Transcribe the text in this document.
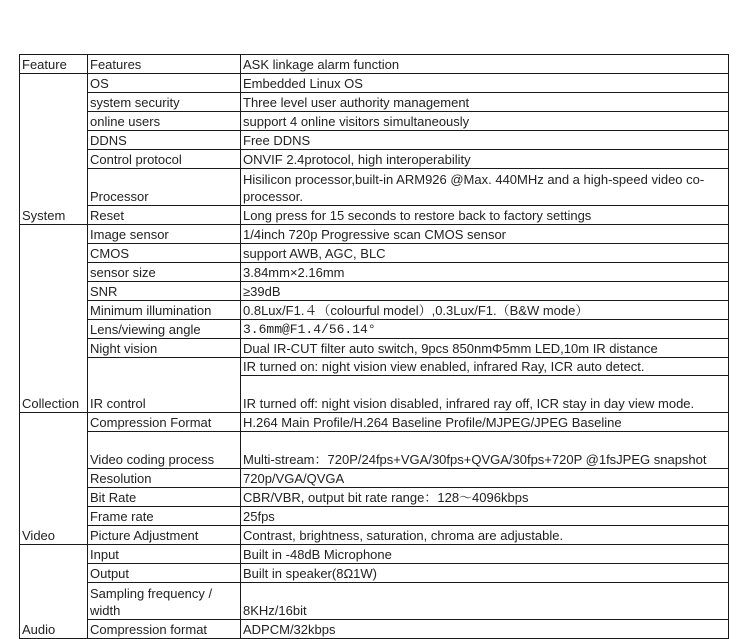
Feature	Features	ASK linkage alarm function
System	OS	Embedded Linux OS
	system security	Three level user authority management
	online users	support 4 online visitors simultaneously
	DDNS	Free DDNS
	Control protocol	ONVIF 2.4protocol, high interoperability
	Processor	Hisilicon processor,built-in ARM926 @Max. 440MHz and a high-speed video co-processor.
	Reset	Long press for 15 seconds to restore back to factory settings
Collection	Image sensor	1/4inch 720p Progressive scan CMOS sensor
	CMOS	support AWB, AGC, BLC
	sensor size	3.84mm×2.16mm
	SNR	≥39dB
	Minimum illumination	0.8Lux/F1.４（colourful model）,0.3Lux/F1.（B&W mode）
	Lens/viewing angle	3.6mm@F1.4/56.14°
	Night vision	Dual IR-CUT filter auto switch, 9pcs 850nmΦ5mm LED,10m IR distance
	IR control	IR turned on: night vision view enabled, infrared Ray, ICR auto detect.
		IR turned off: night vision disabled, infrared ray off, ICR stay in day view mode.
Video	Compression Format	H.264 Main Profile/H.264 Baseline Profile/MJPEG/JPEG Baseline
	Video coding process	Multi-stream：720P/24fps+VGA/30fps+QVGA/30fps+720P @1fsJPEG snapshot
	Resolution	720p/VGA/QVGA
	Bit Rate	CBR/VBR, output bit rate range：128～4096kbps
	Frame rate	25fps
	Picture Adjustment	Contrast, brightness, saturation, chroma are adjustable.
Audio	Input	Built in -48dB Microphone
	Output	Built in speaker(8Ω1W)
	Sampling frequency / width	8KHz/16bit
	Compression format	ADPCM/32kbps
